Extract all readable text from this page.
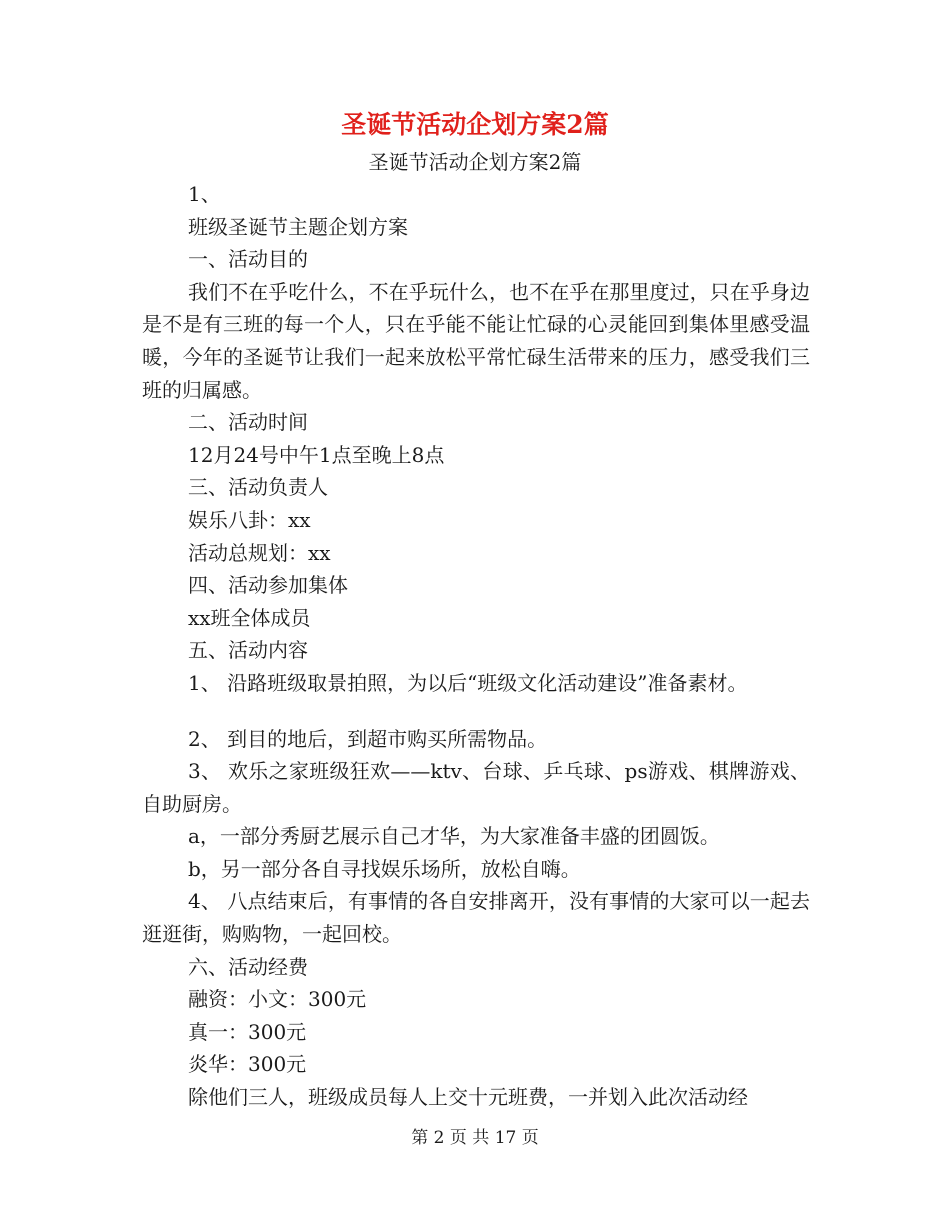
圣诞节活动企划方案2篇
圣诞节活动企划方案2篇
1、
班级圣诞节主题企划方案
一、活动目的
我们不在乎吃什么，不在乎玩什么，也不在乎在那里度过，只在乎身边是不是有三班的每一个人，只在乎能不能让忙碌的心灵能回到集体里感受温暖，今年的圣诞节让我们一起来放松平常忙碌生活带来的压力，感受我们三班的归属感。
二、活动时间
12月24号中午1点至晚上8点
三、活动负责人
娱乐八卦：xx
活动总规划：xx
四、活动参加集体
xx班全体成员
五、活动内容
1、 沿路班级取景拍照，为以后“班级文化活动建设”准备素材。
2、 到目的地后，到超市购买所需物品。
3、 欢乐之家班级狂欢——ktv、台球、乒乓球、ps游戏、棋牌游戏、自助厨房。
a，一部分秀厨艺展示自己才华，为大家准备丰盛的团圆饭。
b，另一部分各自寻找娱乐场所，放松自嗨。
4、 八点结束后，有事情的各自安排离开，没有事情的大家可以一起去逛逛街，购购物，一起回校。
六、活动经费
融资：小文：300元
真一：300元
炎华：300元
除他们三人，班级成员每人上交十元班费，一并划入此次活动经
第 2 页 共 17 页
